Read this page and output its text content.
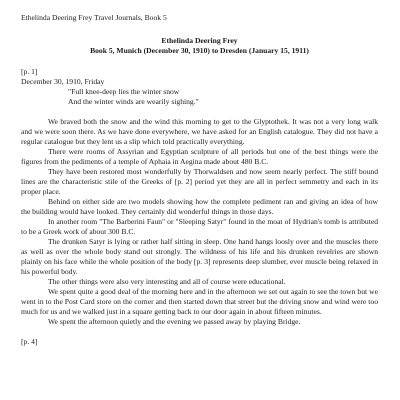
Ethelinda Deering Frey Travel Journals, Book 5
Ethelinda Deering Frey
Book 5, Munich (December 30, 1910) to Dresden (January 15, 1911)
[p. 1]
December 30, 1910, Friday
"Full knee-deep lies the winter snow
And the winter winds are wearily sighing."

We braved both the snow and the wind this morning to get to the Glyptothek. It was not a very long walk and we were soon there. As we have done everywhere, we have asked for an English catalogue. They did not have a regular catalogue but they lent us a slip which told practically everything.

There were rooms of Assyrian and Egyptian sculpture of all periods but one of the best things were the figures from the pediments of a temple of Aphaia in Aegina made about 480 B.C.

They have been restored most wonderfully by Thorwaldsen and now seem nearly perfect. The stiff bound lines are the characteristic stile of the Greeks of [p. 2] period yet they are all in perfect semmetry and each in its proper place.

Behind on either side are two models showing how the complete pediment ran and giving an idea of how the building would have looked. They certainly did wonderful things in those days.

In another room "The Barberini Faun" or "Sleeping Satyr" found in the moat of Hydrian's tomb is attributed to be a Greek work of about 300 B.C.

The drunken Satyr is lying or rather half sitting in sleep. One hand hangs loosly over and the muscles there as well as over the whole body stand out strongly. The wildness of his life and his drunken revelries are shown plainly on his face while the whole position of the body [p. 3] represents deep slumber, ever muscle being relaxed in his powerful body.

The other things were also very interesting and all of course were educational.

We spent quite a good deal of the morning here and in the afternoon we set out again to see the town but we went in to the Post Card store on the corner and then started down that street but the driving snow and wind were too much for us and we walked just in a square getting back to our door again in about fifteen minutes.

We spent the afternoon quietly and the evening we passed away by playing Bridge.

[p. 4]
